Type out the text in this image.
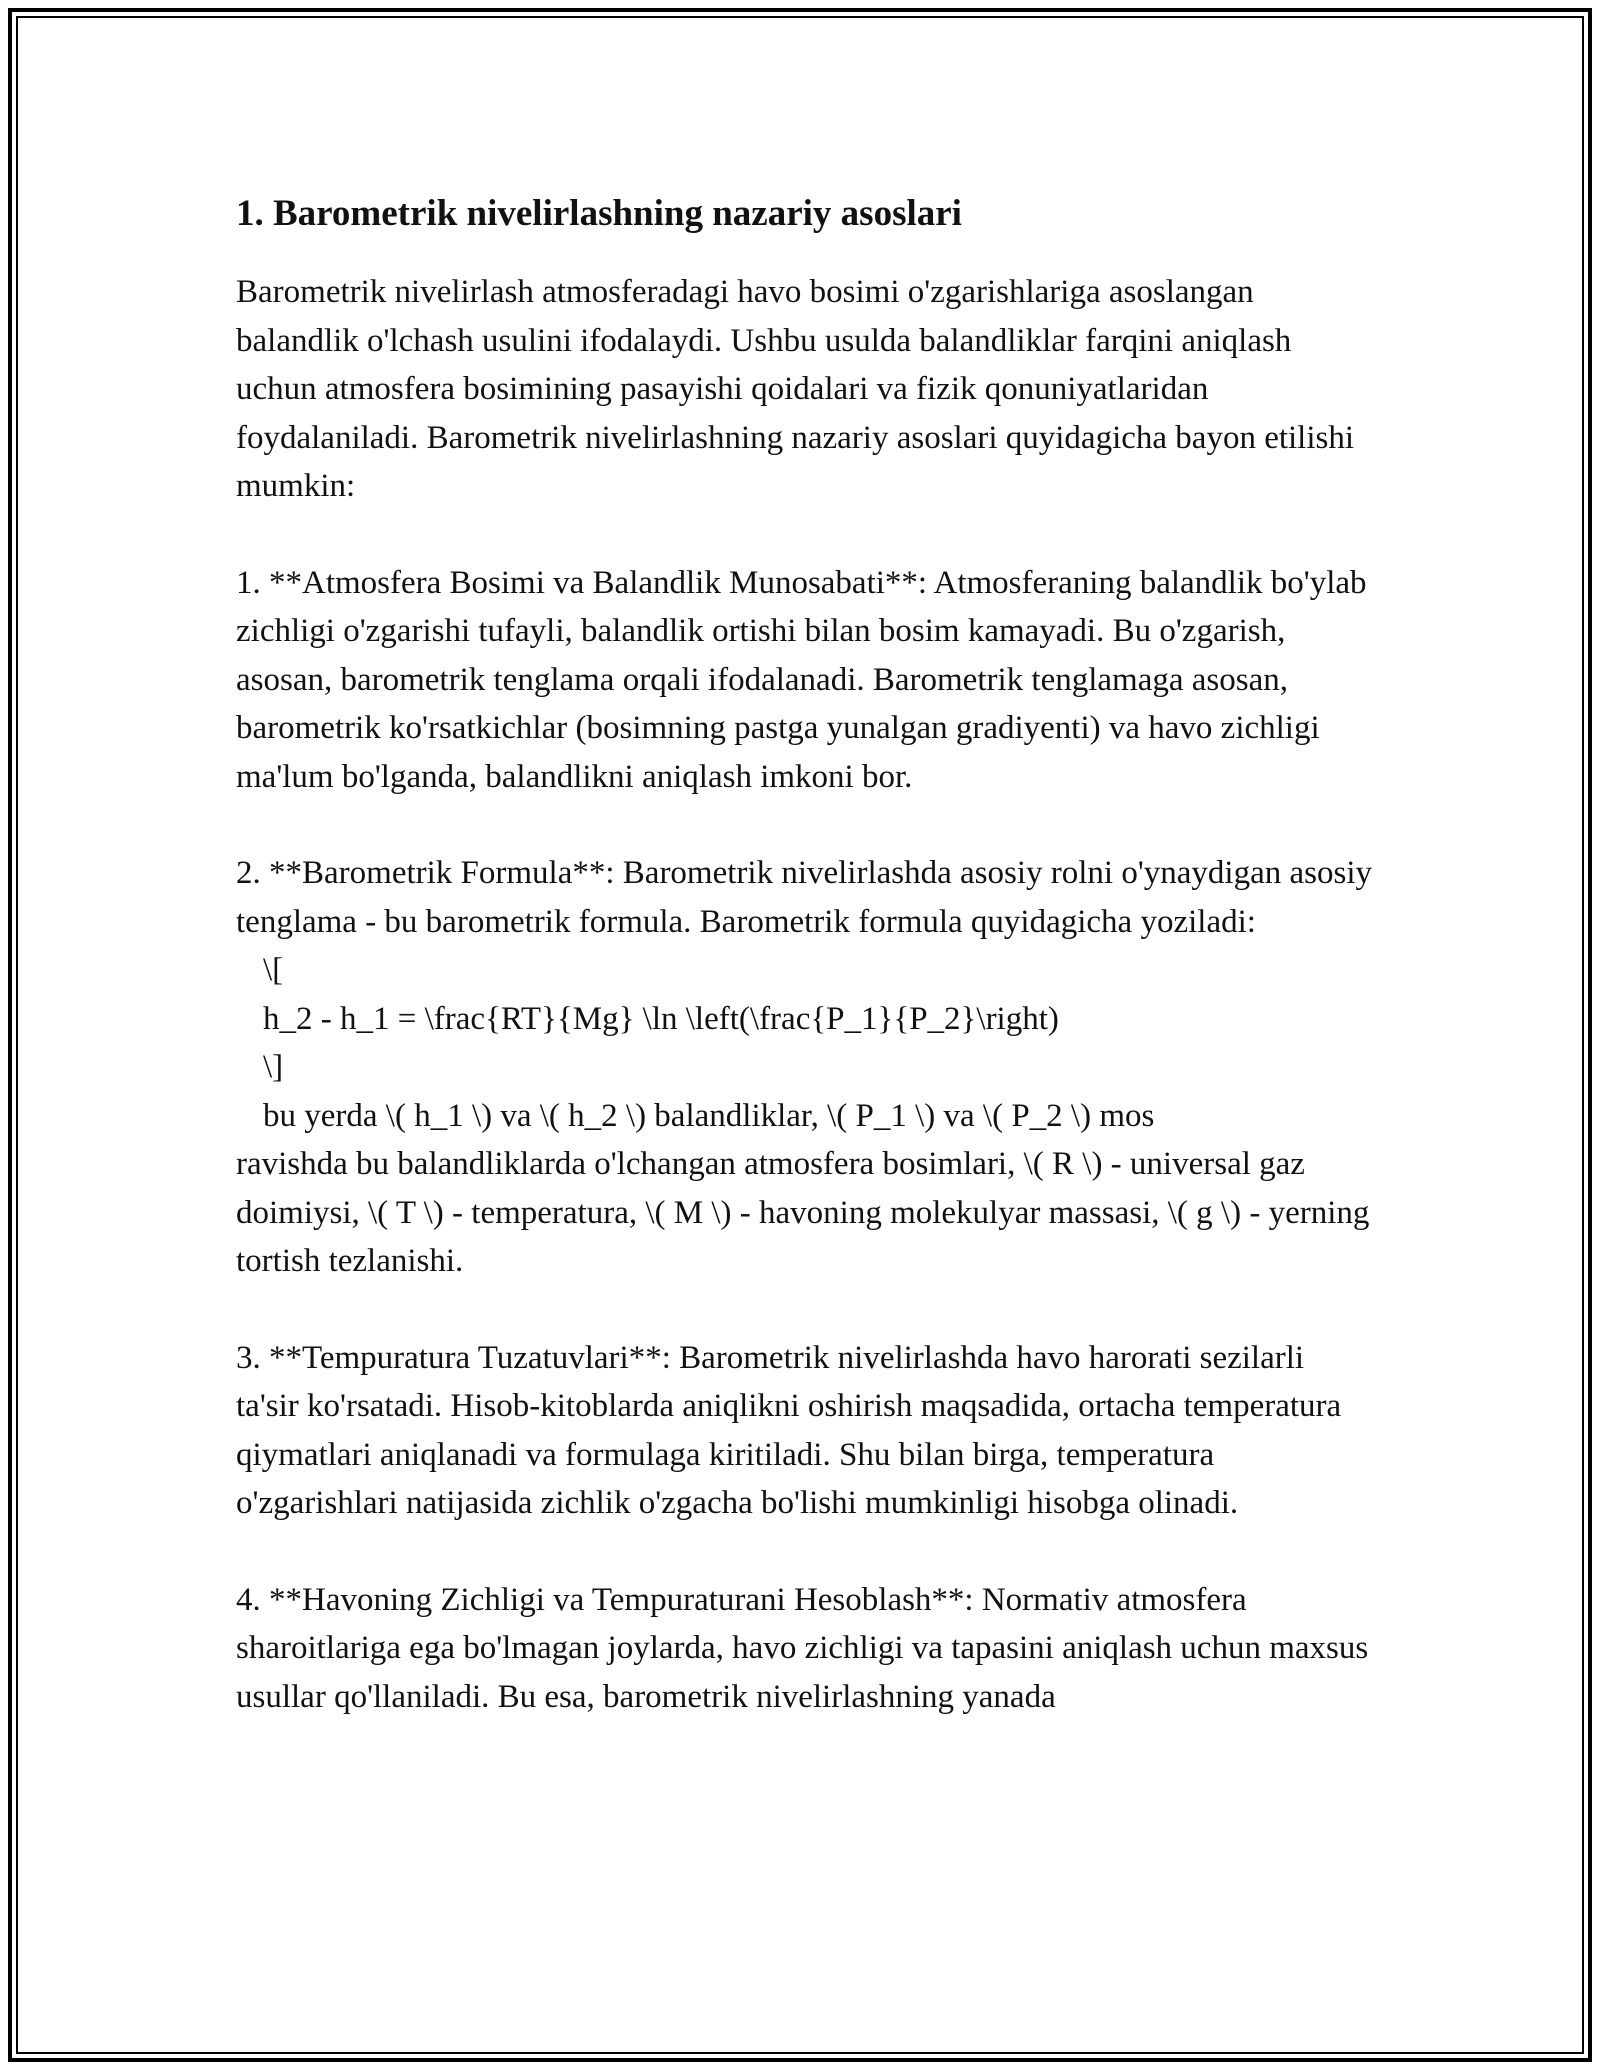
1. Barometrik nivelirlashning nazariy asoslari

Barometrik nivelirlash atmosferadagi havo bosimi o'zgarishlariga asoslangan balandlik o'lchash usulini ifodalaydi. Ushbu usulda balandliklar farqini aniqlash uchun atmosfera bosimining pasayishi qoidalari va fizik qonuniyatlaridan foydalaniladi. Barometrik nivelirlashning nazariy asoslari quyidagicha bayon etilishi mumkin:

1. **Atmosfera Bosimi va Balandlik Munosabati**: Atmosferaning balandlik bo'ylab zichligi o'zgarishi tufayli, balandlik ortishi bilan bosim kamayadi. Bu o'zgarish, asosan, barometrik tenglama orqali ifodalanadi. Barometrik tenglamaga asosan, barometrik ko'rsatkichlar (bosimning pastga yunalgan gradiyenti) va havo zichligi ma'lum bo'lganda, balandlikni aniqlash imkoni bor.

2. **Barometrik Formula**: Barometrik nivelirlashda asosiy rolni o'ynaydigan asosiy tenglama - bu barometrik formula. Barometrik formula quyidagicha yoziladi:
\[
h_2 - h_1 = \frac{RT}{Mg} \ln \left(\frac{P_1}{P_2}\right)
\]
bu yerda \( h_1 \) va \( h_2 \) balandliklar, \( P_1 \) va \( P_2 \) mos
ravishda bu balandliklarda o'lchangan atmosfera bosimlari, \( R \) - universal gaz doimiysi, \( T \) - temperatura, \( M \) - havoning molekulyar massasi, \( g \) - yerning tortish tezlanishi.

3. **Tempuratura Tuzatuvlari**: Barometrik nivelirlashda havo harorati sezilarli ta'sir ko'rsatadi. Hisob-kitoblarda aniqlikni oshirish maqsadida, ortacha temperatura qiymatlari aniqlanadi va formulaga kiritiladi. Shu bilan birga, temperatura o'zgarishlari natijasida zichlik o'zgacha bo'lishi mumkinligi hisobga olinadi.

4. **Havoning Zichligi va Tempuraturani Hesoblash**: Normativ atmosfera sharoitlariga ega bo'lmagan joylarda, havo zichligi va tapasini aniqlash uchun maxsus usullar qo'llaniladi. Bu esa, barometrik nivelirlashning yanada
